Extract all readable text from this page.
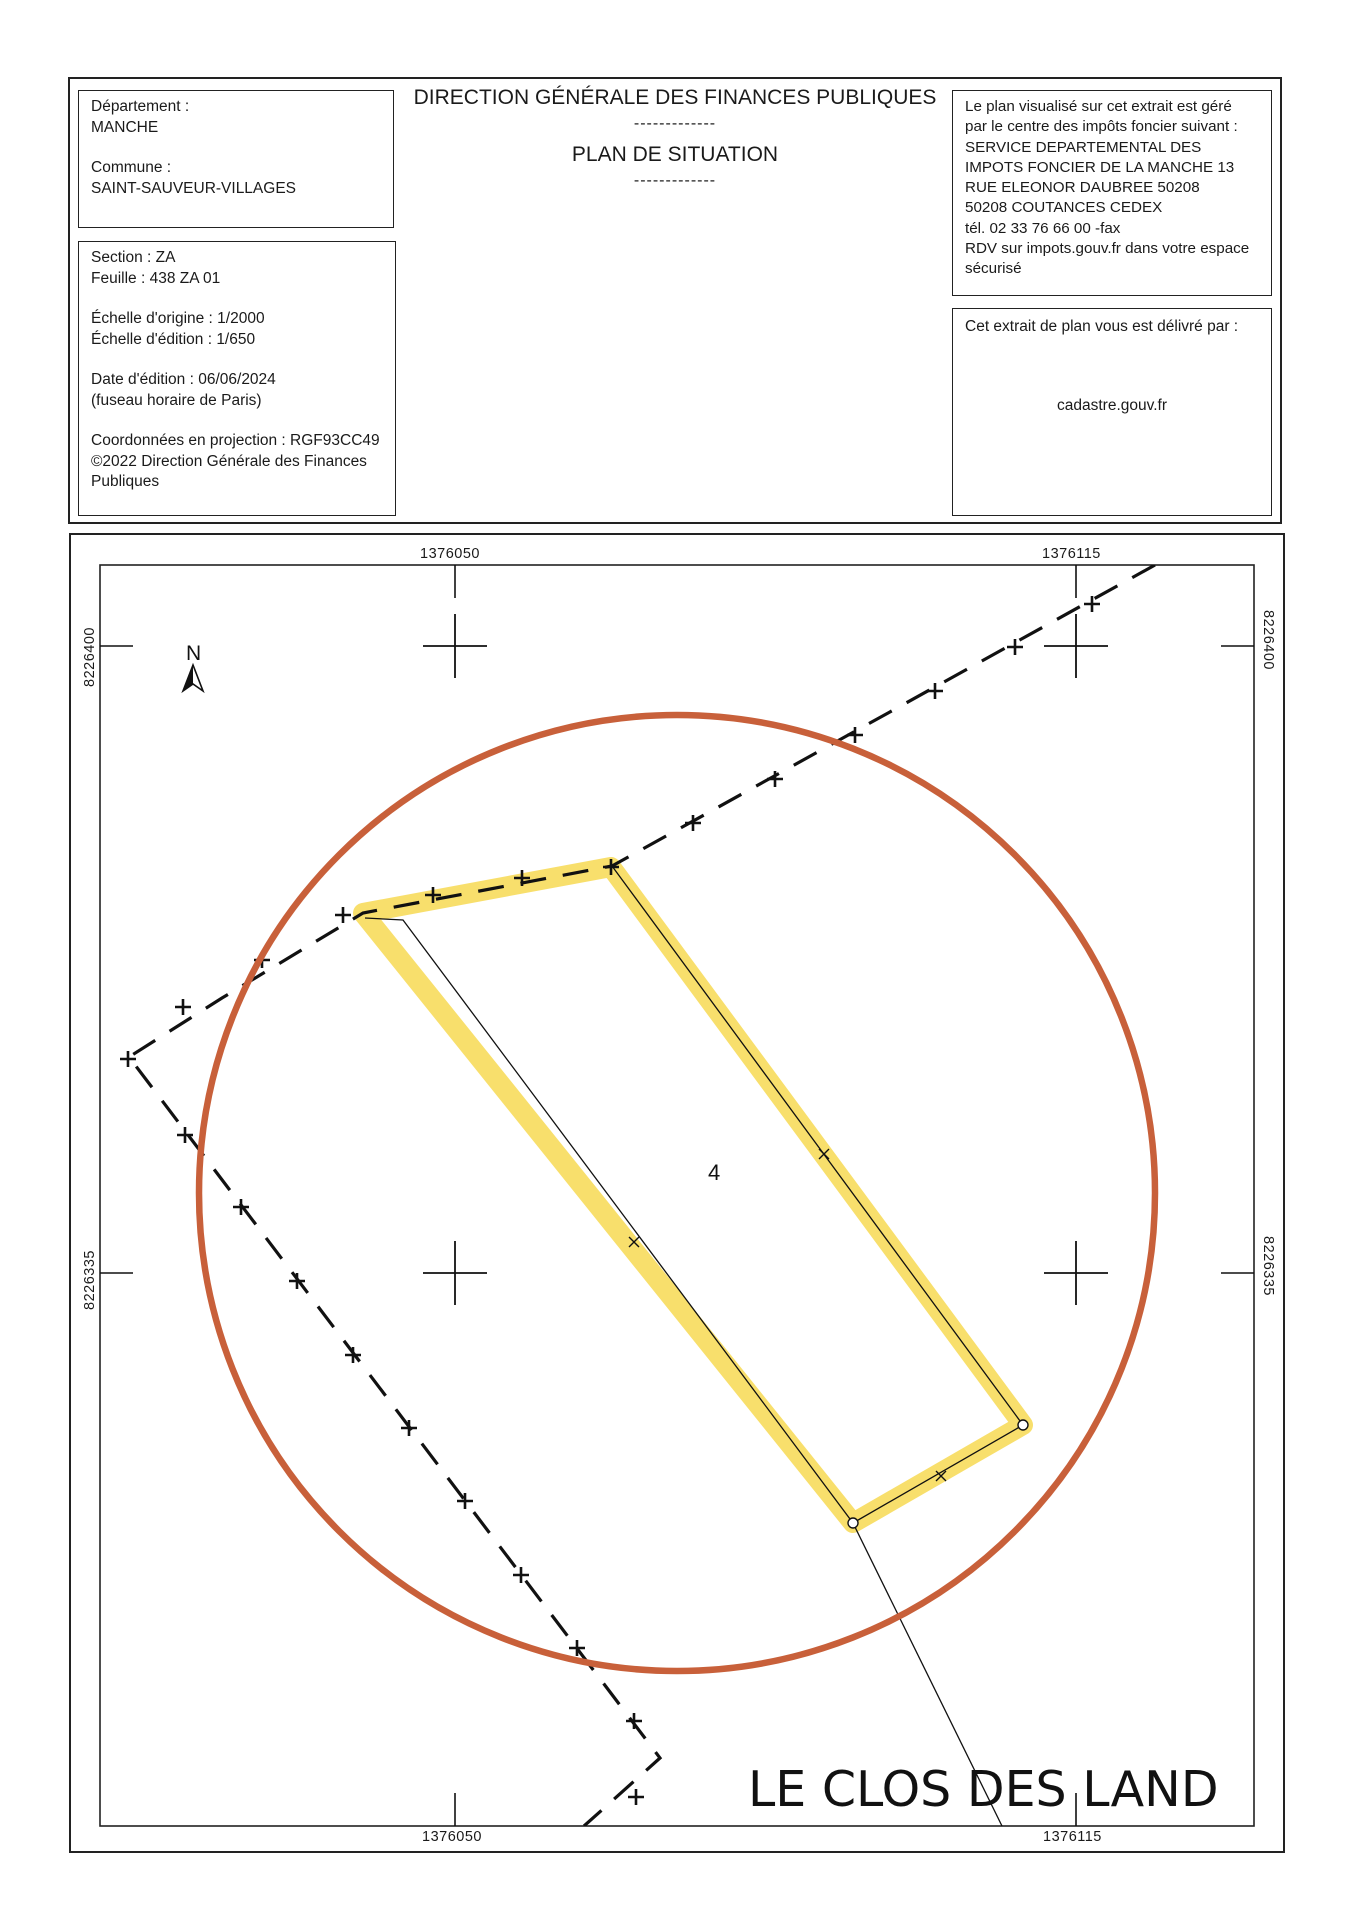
Département :
MANCHE
Commune :
SAINT-SAUVEUR-VILLAGES
Section : ZA
Feuille : 438 ZA 01
Échelle d'origine : 1/2000
Échelle d'édition : 1/650
Date d'édition : 06/06/2024
(fuseau horaire de Paris)
Coordonnées en projection : RGF93CC49
©2022 Direction Générale des Finances
Publiques
DIRECTION GÉNÉRALE DES FINANCES PUBLIQUES
-------------
PLAN DE SITUATION
-------------
Le plan visualisé sur cet extrait est géré
par le centre des impôts foncier suivant :
SERVICE DEPARTEMENTAL DES
IMPOTS FONCIER DE LA MANCHE 13
RUE ELEONOR DAUBREE 50208
50208 COUTANCES CEDEX
tél. 02 33 76 66 00 -fax
RDV sur impots.gouv.fr dans votre espace
sécurisé
Cet extrait de plan vous est délivré par :
cadastre.gouv.fr
N
4
LE CLOS DES LAND
1376050	1376115
1376050	1376115
8226400
8226335
8226400
8226335
